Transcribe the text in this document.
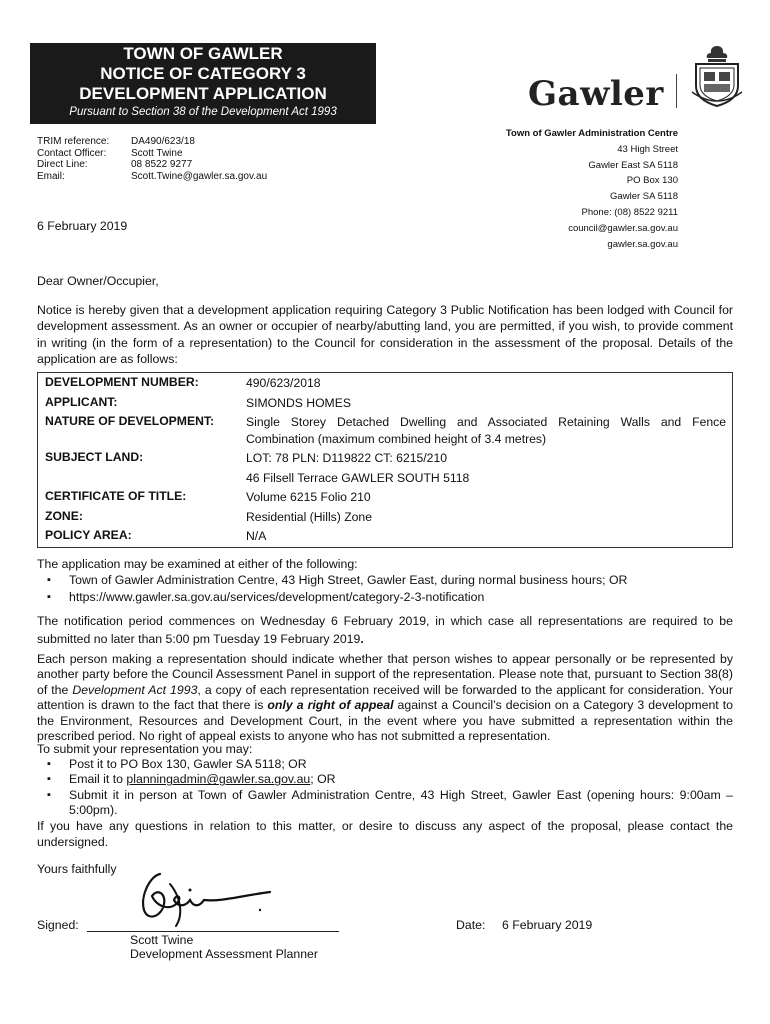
TOWN OF GAWLER
NOTICE OF CATEGORY 3
DEVELOPMENT APPLICATION
Pursuant to Section 38 of the Development Act 1993	Gawler
TRIM reference: DA490/623/18
Contact Officer: Scott Twine
Direct Line:	08 8522 9277
Email:	Scott.Twine@gawler.sa.gov.au
Town of Gawler Administration Centre
43 High Street
Gawler East SA 5118
PO Box 130
Gawler SA 5118
Phone: (08) 8522 9211
council@gawler.sa.gov.au
gawler.sa.gov.au
6 February 2019
Dear Owner/Occupier,
Notice is hereby given that a development application requiring Category 3 Public Notification has been lodged with Council for development assessment. As an owner or occupier of nearby/abutting land, you are permitted, if you wish, to provide comment in writing (in the form of a representation) to the Council for consideration in the assessment of the proposal. Details of the application are as follows:
DEVELOPMENT NUMBER:	490/623/2018
APPLICANT:	SIMONDS HOMES
NATURE OF DEVELOPMENT:	Single Storey Detached Dwelling and Associated Retaining Walls and Fence Combination (maximum combined height of 3.4 metres)
SUBJECT LAND:	LOT: 78 PLN: D119822 CT: 6215/210
46 Filsell Terrace GAWLER SOUTH 5118
CERTIFICATE OF TITLE:	Volume 6215 Folio 210
ZONE:	Residential (Hills) Zone
POLICY AREA:	N/A
The application may be examined at either of the following:
▪ Town of Gawler Administration Centre, 43 High Street, Gawler East, during normal business hours; OR
▪ https://www.gawler.sa.gov.au/services/development/category-2-3-notification
The notification period commences on Wednesday 6 February 2019, in which case all representations are required to be submitted no later than 5:00 pm Tuesday 19 February 2019.
Each person making a representation should indicate whether that person wishes to appear personally or be represented by another party before the Council Assessment Panel in support of the representation. Please note that, pursuant to Section 38(8) of the Development Act 1993, a copy of each representation received will be forwarded to the applicant for consideration. Your attention is drawn to the fact that there is only a right of appeal against a Council’s decision on a Category 3 development to the Environment, Resources and Development Court, in the event where you have submitted a representation within the prescribed period. No right of appeal exists to anyone who has not submitted a representation.
To submit your representation you may:
▪ Post it to PO Box 130, Gawler SA 5118; OR
▪ Email it to planningadmin@gawler.sa.gov.au; OR
▪ Submit it in person at Town of Gawler Administration Centre, 43 High Street, Gawler East (opening hours: 9:00am – 5:00pm).
If you have any questions in relation to this matter, or desire to discuss any aspect of the proposal, please contact the undersigned.
Yours faithfully
Signed:	Date: 6 February 2019
Scott Twine
Development Assessment Planner
